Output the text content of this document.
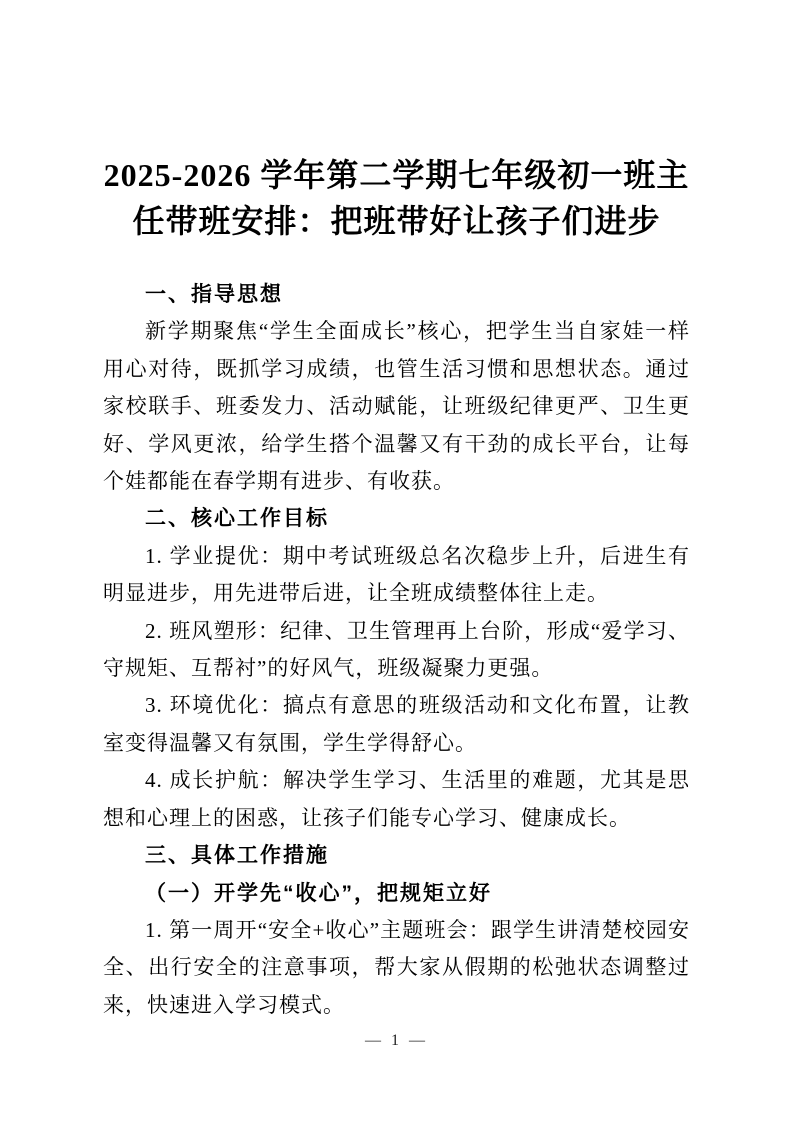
2025-2026 学年第二学期七年级初一班主
任带班安排：把班带好让孩子们进步
一、指导思想

新学期聚焦“学生全面成长”核心，把学生当自家娃一样用心对待，既抓学习成绩，也管生活习惯和思想状态。通过家校联手、班委发力、活动赋能，让班级纪律更严、卫生更好、学风更浓，给学生搭个温馨又有干劲的成长平台，让每个娃都能在春学期有进步、有收获。

二、核心工作目标

1. 学业提优：期中考试班级总名次稳步上升，后进生有明显进步，用先进带后进，让全班成绩整体往上走。

2. 班风塑形：纪律、卫生管理再上台阶，形成“爱学习、守规矩、互帮衬”的好风气，班级凝聚力更强。

3. 环境优化：搞点有意思的班级活动和文化布置，让教室变得温馨又有氛围，学生学得舒心。

4. 成长护航：解决学生学习、生活里的难题，尤其是思想和心理上的困惑，让孩子们能专心学习、健康成长。

三、具体工作措施
（一）开学先“收心”，把规矩立好

1. 第一周开“安全+收心”主题班会：跟学生讲清楚校园安全、出行安全的注意事项，帮大家从假期的松弛状态调整过来，快速进入学习模式。

— 1 —
